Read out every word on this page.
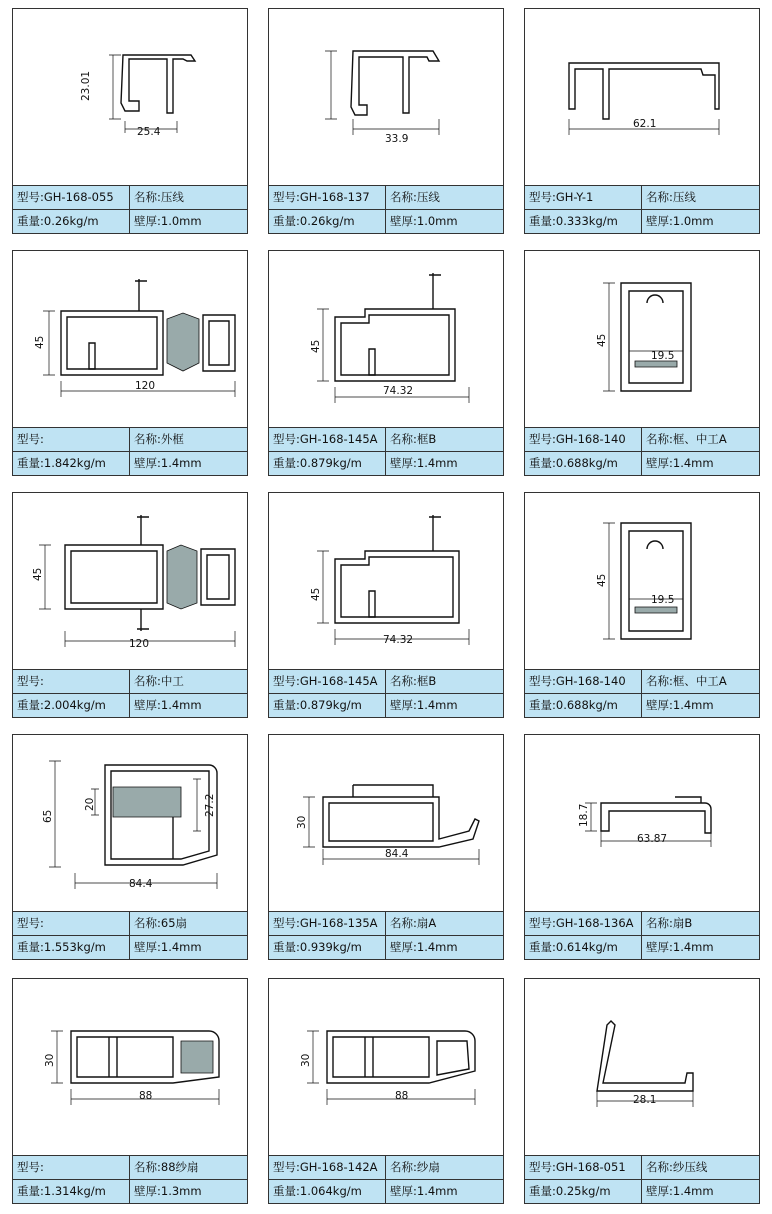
23.01
25.4
型号:GH-168-055	名称:压线
重量:0.26kg/m	壁厚:1.0mm
33.9
型号:GH-168-137	名称:压线
重量:0.26kg/m	壁厚:1.0mm
62.1
型号:GH-Y-1	名称:压线
重量:0.333kg/m	壁厚:1.0mm
45
120
型号:	名称:外框
重量:1.842kg/m	壁厚:1.4mm
45
74.32
型号:GH-168-145A	名称:框B
重量:0.879kg/m	壁厚:1.4mm
45
19.5
型号:GH-168-140	名称:框、中工A
重量:0.688kg/m	壁厚:1.4mm
45
120
型号:	名称:中工
重量:2.004kg/m	壁厚:1.4mm
45
74.32
型号:GH-168-145A	名称:框B
重量:0.879kg/m	壁厚:1.4mm
45
19.5
型号:GH-168-140	名称:框、中工A
重量:0.688kg/m	壁厚:1.4mm
65
20	27.2
84.4
型号:	名称:65扇
重量:1.553kg/m	壁厚:1.4mm
30
84.4
型号:GH-168-135A	名称:扇A
重量:0.939kg/m	壁厚:1.4mm
18.7
63.87
型号:GH-168-136A	名称:扇B
重量:0.614kg/m	壁厚:1.4mm
30
88
型号:	名称:88纱扇
重量:1.314kg/m	壁厚:1.3mm
30
88
型号:GH-168-142A	名称:纱扇
重量:1.064kg/m	壁厚:1.4mm
28.1
型号:GH-168-051	名称:纱压线
重量:0.25kg/m	壁厚:1.4mm
